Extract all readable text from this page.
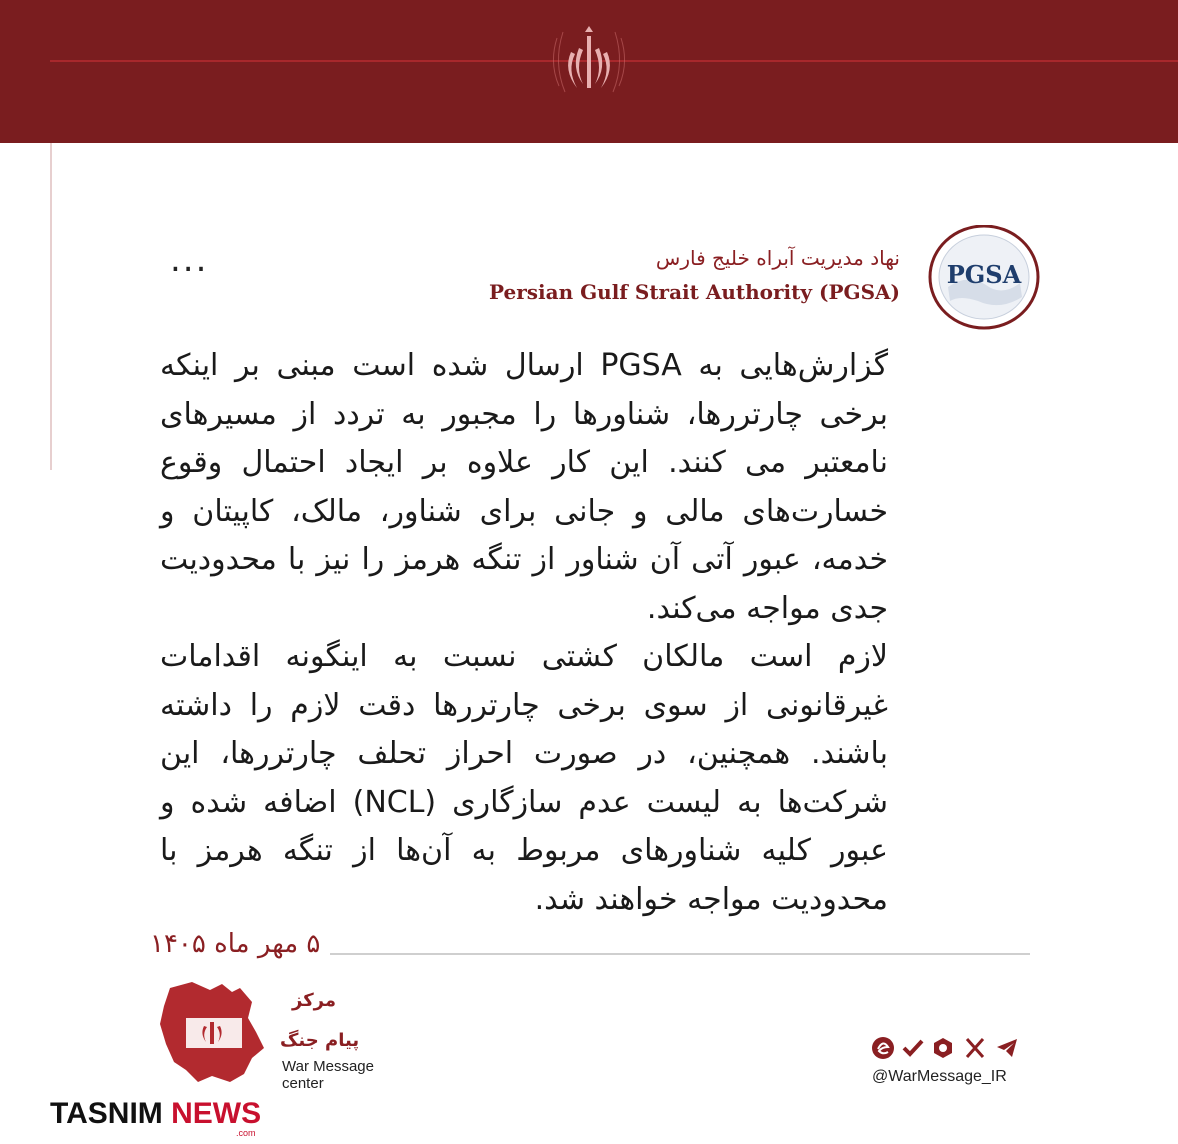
...	نهاد مدیریت آبراه خلیج فارس
Persian Gulf Strait Authority (PGSA)
PGSA

گزارش‌هایی به PGSA ارسال شده است مبنی بر اینکه برخی چارتررها، شناورها را مجبور به تردد از مسیرهای نامعتبر می کنند. این کار علاوه بر ایجاد احتمال وقوع خسارت‌های مالی و جانی برای شناور، مالک، کاپیتان و خدمه، عبور آتی آن شناور از تنگه هرمز را نیز با محدودیت جدی مواجه می‌کند.

لازم است مالکان کشتی نسبت به اینگونه اقدامات غیرقانونی از سوی برخی چارتررها دقت لازم را داشته باشند. همچنین، در صورت احراز تحلف چارتررها، این شرکت‌ها به لیست عدم سازگاری (NCL) اضافه شده و عبور کلیه شناورهای مربوط به آن‌ها از تنگه هرمز با محدودیت مواجه خواهند شد.

۵ مهر ماه ۱۴۰۵
مرکز
پیام جنگ
War Message center
TASNIM NEWS
.com
@WarMessage_IR
